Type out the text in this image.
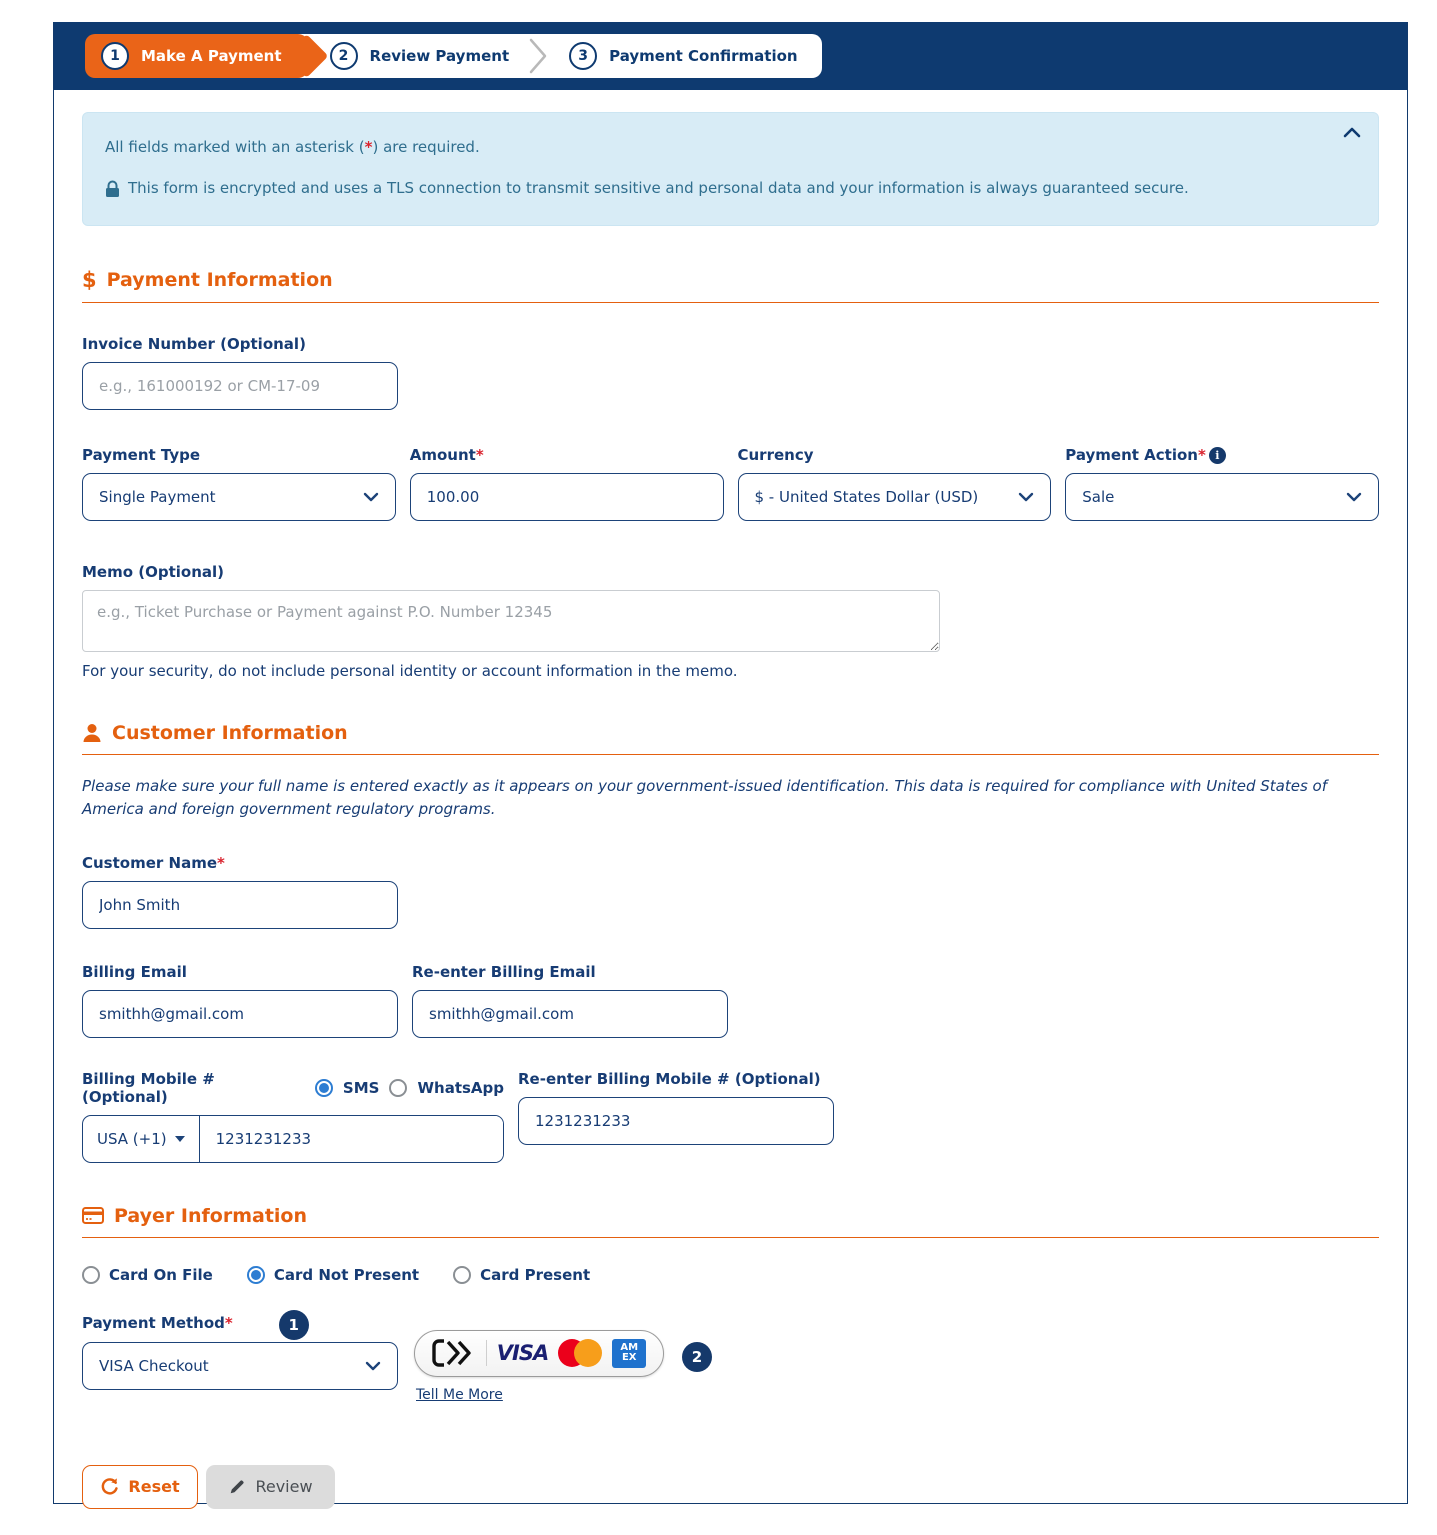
1	Make A Payment	2	Review Payment	3	Payment Confirmation

All fields marked with an asterisk (*) are required.

This form is encrypted and uses a TLS connection to transmit sensitive and personal data and your information is always guaranteed secure.

$ Payment Information
Invoice Number (Optional)
e.g., 161000192 or CM-17-09
Payment Type
Single Payment
Amount *
100.00	Currency
$ - United States Dollar (USD)
Payment Action * i
Sale
Memo (Optional)
e.g., Ticket Purchase or Payment against P.O. Number 12345
For your security, do not include personal identity or account information in the memo.
Customer Information

Please make sure your full name is entered exactly as it appears on your government-issued identification. This data is required for compliance with United States of America and foreign government regulatory programs.

Customer Name *
John Smith
Billing Email
smithh@gmail.com	Re-enter Billing Email
smithh@gmail.com
Billing Mobile # (Optional)	SMS	WhatsApp
USA (+1)
1231231233
Re-enter Billing Mobile # (Optional)
1231231233
Payer Information
Card On File	Card Not Present	Card Present
Payment Method *	1
VISA Checkout
VISA	AM
EX	2
Tell Me More
Reset	Review
